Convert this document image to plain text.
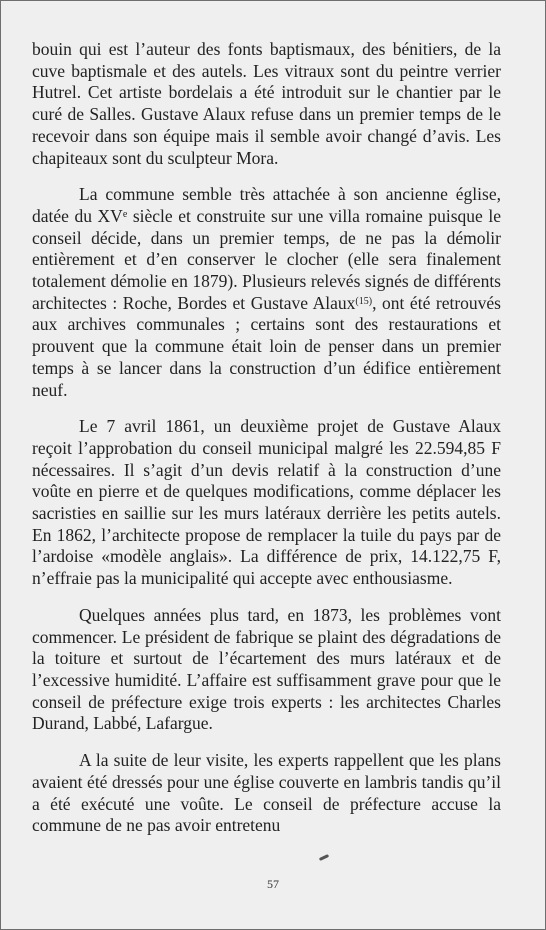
bouin qui est l’auteur des fonts baptismaux, des bénitiers, de la cuve baptismale et des autels. Les vitraux sont du peintre verrier Hutrel. Cet artiste bordelais a été introduit sur le chantier par le curé de Salles. Gustave Alaux refuse dans un premier temps de le recevoir dans son équipe mais il semble avoir changé d’avis. Les chapiteaux sont du sculpteur Mora.

La commune semble très attachée à son ancienne église, datée du XVe siècle et construite sur une villa romaine puisque le conseil décide, dans un premier temps, de ne pas la démolir entièrement et d’en conserver le clocher (elle sera finalement totalement démolie en 1879). Plusieurs relevés signés de différents architectes : Roche, Bordes et Gustave Alaux$^{(15)}$, ont été retrouvés aux archives communales ; certains sont des restaurations et prouvent que la commune était loin de penser dans un premier temps à se lancer dans la construction d’un édifice entièrement neuf.

Le 7 avril 1861, un deuxième projet de Gustave Alaux reçoit l’approbation du conseil municipal malgré les 22.594,85 F nécessaires. Il s’agit d’un devis relatif à la construction d’une voûte en pierre et de quelques modifications, comme déplacer les sacristies en saillie sur les murs latéraux derrière les petits autels. En 1862, l’architecte propose de remplacer la tuile du pays par de l’ardoise «modèle anglais». La différence de prix, 14.122,75 F, n’effraie pas la municipalité qui accepte avec enthousiasme.

Quelques années plus tard, en 1873, les problèmes vont commencer. Le président de fabrique se plaint des dégradations de la toiture et surtout de l’écartement des murs latéraux et de l’excessive humidité. L’affaire est suffisamment grave pour que le conseil de préfecture exige trois experts : les architectes Charles Durand, Labbé, Lafargue.

A la suite de leur visite, les experts rappellent que les plans avaient été dressés pour une église couverte en lambris tandis qu’il a été exécuté une voûte. Le conseil de préfecture accuse la commune de ne pas avoir entretenu

57
